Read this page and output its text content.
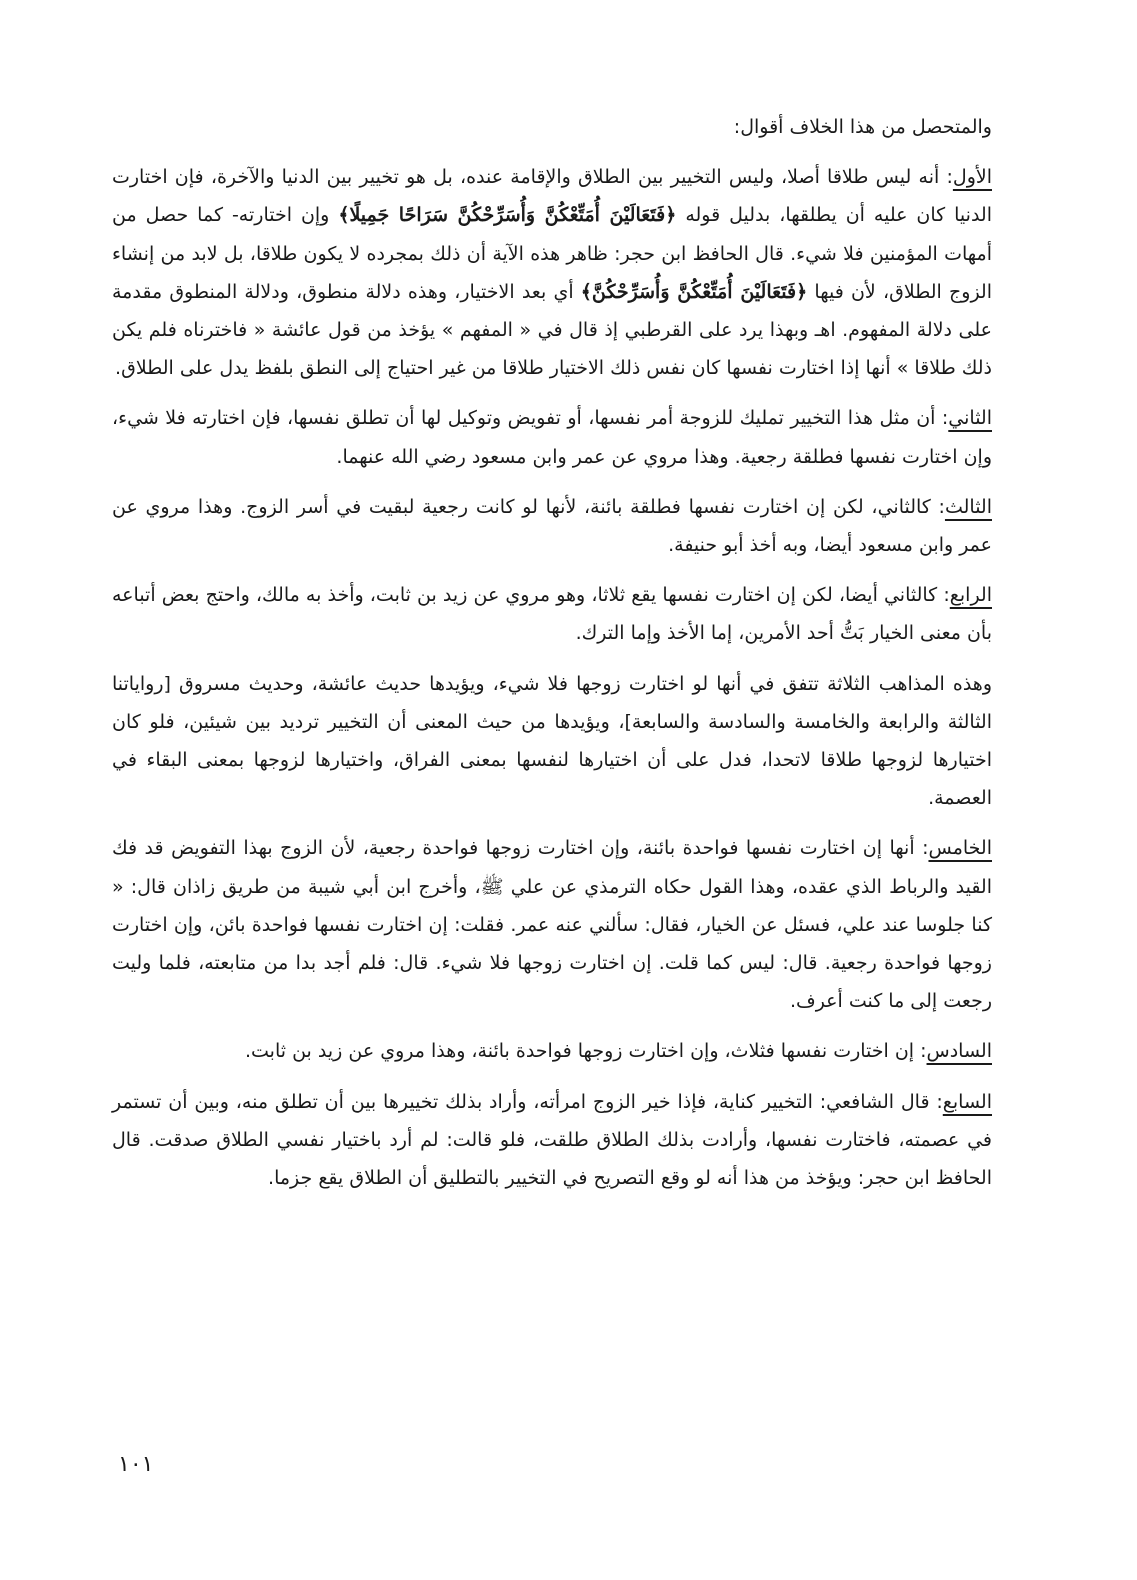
والمتحصل من هذا الخلاف أقوال:

الأول: أنه ليس طلاقا أصلا، وليس التخيير بين الطلاق والإقامة عنده، بل هو تخيير بين الدنيا والآخرة، فإن اختارت الدنيا كان عليه أن يطلقها، بدليل قوله ﴿فَتَعَالَيْنَ أُمَتِّعْكُنَّ وَأُسَرِّحْكُنَّ سَرَاحًا جَمِيلًا﴾ وإن اختارته- كما حصل من أمهات المؤمنين فلا شيء. قال الحافظ ابن حجر: ظاهر هذه الآية أن ذلك بمجرده لا يكون طلاقا، بل لابد من إنشاء الزوج الطلاق، لأن فيها ﴿فَتَعَالَيْنَ أُمَتِّعْكُنَّ وَأُسَرِّحْكُنَّ﴾ أي بعد الاختيار، وهذه دلالة منطوق، ودلالة المنطوق مقدمة على دلالة المفهوم. اهـ وبهذا يرد على القرطبي إذ قال في « المفهم » يؤخذ من قول عائشة « فاخترناه فلم يكن ذلك طلاقا » أنها إذا اختارت نفسها كان نفس ذلك الاختيار طلاقا من غير احتياج إلى النطق بلفظ يدل على الطلاق.

الثاني: أن مثل هذا التخيير تمليك للزوجة أمر نفسها، أو تفويض وتوكيل لها أن تطلق نفسها، فإن اختارته فلا شيء، وإن اختارت نفسها فطلقة رجعية. وهذا مروي عن عمر وابن مسعود رضي الله عنهما.

الثالث: كالثاني، لكن إن اختارت نفسها فطلقة بائنة، لأنها لو كانت رجعية لبقيت في أسر الزوج. وهذا مروي عن عمر وابن مسعود أيضا، وبه أخذ أبو حنيفة.

الرابع: كالثاني أيضا، لكن إن اختارت نفسها يقع ثلاثا، وهو مروي عن زيد بن ثابت، وأخذ به مالك، واحتج بعض أتباعه بأن معنى الخيار بَتُّ أحد الأمرين، إما الأخذ وإما الترك.

وهذه المذاهب الثلاثة تتفق في أنها لو اختارت زوجها فلا شيء، ويؤيدها حديث عائشة، وحديث مسروق [رواياتنا الثالثة والرابعة والخامسة والسادسة والسابعة]، ويؤيدها من حيث المعنى أن التخيير ترديد بين شيئين، فلو كان اختيارها لزوجها طلاقا لاتحدا، فدل على أن اختيارها لنفسها بمعنى الفراق، واختيارها لزوجها بمعنى البقاء في العصمة.

الخامس: أنها إن اختارت نفسها فواحدة بائنة، وإن اختارت زوجها فواحدة رجعية، لأن الزوج بهذا التفويض قد فك القيد والرباط الذي عقده، وهذا القول حكاه الترمذي عن علي ﷺ، وأخرج ابن أبي شيبة من طريق زاذان قال: « كنا جلوسا عند علي، فسئل عن الخيار، فقال: سألني عنه عمر. فقلت: إن اختارت نفسها فواحدة بائن، وإن اختارت زوجها فواحدة رجعية. قال: ليس كما قلت. إن اختارت زوجها فلا شيء. قال: فلم أجد بدا من متابعته، فلما وليت رجعت إلى ما كنت أعرف.

السادس: إن اختارت نفسها فثلاث، وإن اختارت زوجها فواحدة بائنة، وهذا مروي عن زيد بن ثابت.

السابع: قال الشافعي: التخيير كناية، فإذا خير الزوج امرأته، وأراد بذلك تخييرها بين أن تطلق منه، وبين أن تستمر في عصمته، فاختارت نفسها، وأرادت بذلك الطلاق طلقت، فلو قالت: لم أرد باختيار نفسي الطلاق صدقت. قال الحافظ ابن حجر: ويؤخذ من هذا أنه لو وقع التصريح في التخيير بالتطليق أن الطلاق يقع جزما.

١٠١
